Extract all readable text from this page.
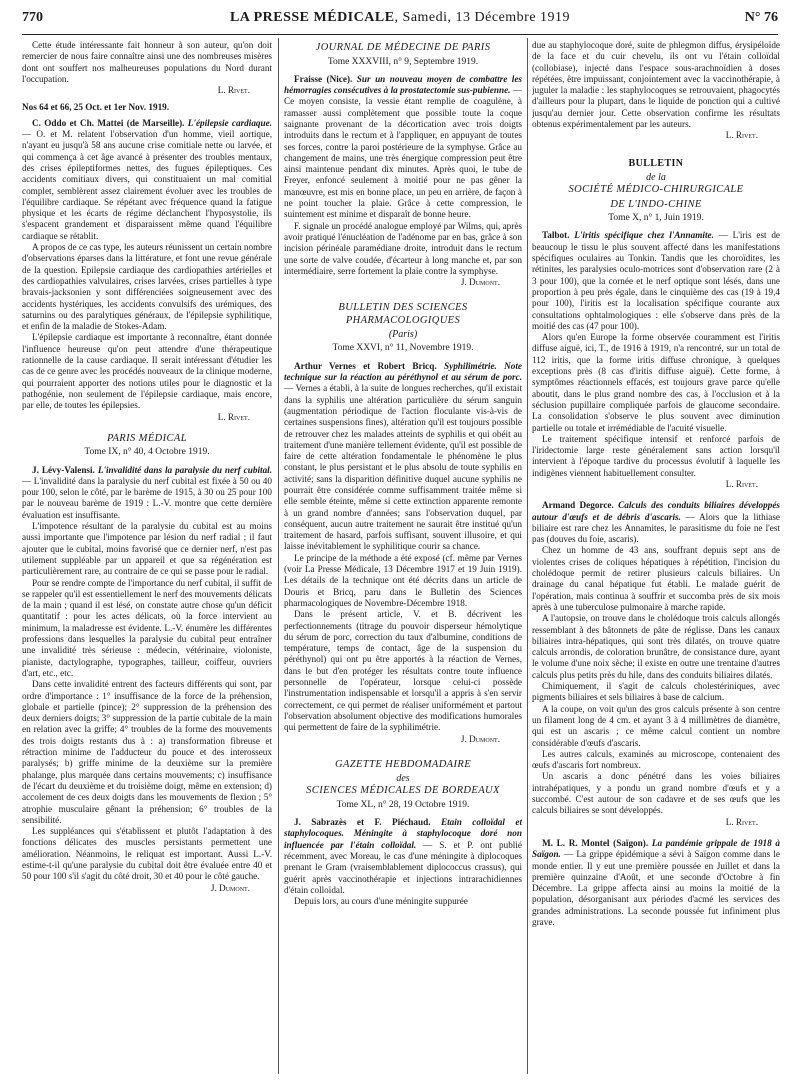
770	LA PRESSE MÉDICALE, Samedi, 13 Décembre 1919	N° 76

Cette étude intéressante fait honneur à son auteur, qu'on doit remercier de nous faire connaître ainsi une des nombreuses misères dont ont souffert nos malheureuses populations du Nord durant l'occupation.

L. Rivet.

Nos 64 et 66, 25 Oct. et 1er Nov. 1919.

C. Oddo et Ch. Mattei (de Marseille). L'épilepsie cardiaque. — O. et M. relatent l'observation d'un homme, vieil aortique, n'ayant eu jusqu'à 58 ans aucune crise comitiale nette ou larvée, et qui commença à cet âge avancé à présenter des troubles mentaux, des crises épileptiformes nettes, des fugues épileptiques. Ces accidents comitiaux divers, qui constituaient un mal comitial complet, semblèrent assez clairement évoluer avec les troubles de l'équilibre cardiaque. Se répétant avec fréquence quand la fatigue physique et les écarts de régime déclanchent l'hyposystolie, ils s'espacent grandement et disparaissent même quand l'équilibre cardiaque se rétablit.

A propos de ce cas type, les auteurs réunissent un certain nombre d'observations éparses dans la littérature, et font une revue générale de la question. Epilepsie cardiaque des cardiopathies artérielles et des cardiopathies valvulaires, crises larvées, crises partielles à type bravais-jacksonien y sont différenciées soigneusement avec des accidents hystériques, les accidents convulsifs des urémiques, des saturnins ou des paralytiques généraux, de l'épilepsie syphilitique, et enfin de la maladie de Stokes-Adam.

L'épilepsie cardiaque est importante à reconnaître, étant donnée l'influence heureuse qu'on peut attendre d'une thérapeutique rationnelle de la cause cardiaque. Il serait intéressant d'étudier les cas de ce genre avec les procédés nouveaux de la clinique moderne, qui pourraient apporter des notions utiles pour le diagnostic et la pathogénie, non seulement de l'épilepsie cardiaque, mais encore, par elle, de toutes les épilepsies.

L. Rivet.

PARIS MÉDICAL
Tome IX, n° 40, 4 Octobre 1919.

J. Lévy-Valensi. L'invalidité dans la paralysie du nerf cubital. — L'invalidité dans la paralysie du nerf cubital est fixée à 50 ou 40 pour 100, selon le côté, par le barème de 1915, à 30 ou 25 pour 100 par le nouveau barème de 1919 : L.-V. montre que cette dernière évaluation est insuffisante.

L'impotence résultant de la paralysie du cubital est au moins aussi importante que l'impotence par lésion du nerf radial ; il faut ajouter que le cubital, moins favorisé que ce dernier nerf, n'est pas utilement suppléable par un appareil et que sa régénération est particulièrement rare, au contraire de ce qui se passe pour le radial.

Pour se rendre compte de l'importance du nerf cubital, il suffit de se rappeler qu'il est essentiellement le nerf des mouvements délicats de la main ; quand il est lésé, on constate autre chose qu'un déficit quantitatif : pour les actes délicats, où la force intervient au minimum, la maladresse est évidente. L.-V. énumère les différentes professions dans lesquelles la paralysie du cubital peut entraîner une invalidité très sérieuse : médecin, vétérinaire, violoniste, pianiste, dactylographe, typographes, tailleur, coiffeur, ouvriers d'art, etc., etc.

Dans cette invalidité entrent des facteurs différents qui sont, par ordre d'importance : 1° insuffisance de la force de la préhension, globale et partielle (pince); 2° suppression de la préhension des deux derniers doigts; 3° suppression de la partie cubitale de la main en relation avec la griffe; 4° troubles de la forme des mouvements des trois doigts restants dus à : a) transformation fibreuse et rétraction minime de l'adducteur du pouce et des interosseux paralysés; b) griffe minime de la deuxième sur la première phalange, plus marquée dans certains mouvements; c) insuffisance de l'écart du deuxième et du troisième doigt, même en extension; d) accolement de ces deux doigts dans les mouvements de flexion ; 5° atrophie musculaire gênant la préhension; 6° troubles de la sensibilité.

Les suppléances qui s'établissent et plutôt l'adaptation à des fonctions délicates des muscles persistants permettent une amélioration. Néanmoins, le reliquat est important. Aussi L.-V. estime-t-il qu'une paralysie du cubital doit être évaluée entre 40 et 50 pour 100 s'il s'agit du côté droit, 30 et 40 pour le côté gauche.

J. Dumont.

JOURNAL DE MÉDECINE DE PARIS
Tome XXXVIII, n° 9, Septembre 1919.

Fraisse (Nice). Sur un nouveau moyen de combattre les hémorragies consécutives à la prostatectomie sus-pubienne. — Ce moyen consiste, la vessie étant remplie de coagulène, à ramasser aussi complètement que possible toute la coque saignante provenant de la décortication avec trois doigts introduits dans le rectum et à l'appliquer, en appuyant de toutes ses forces, contre la paroi postérieure de la symphyse. Grâce au changement de mains, une très énergique compression peut être ainsi maintenue pendant dix minutes. Après quoi, le tube de Freyer, enfoncé seulement à moitié pour ne pas gêner la manœuvre, est mis en bonne place, un peu en arrière, de façon à ne point toucher la plaie. Grâce à cette compression, le suintement est minime et disparaît de bonne heure.

F. signale un procédé analogue employé par Wilms, qui, après avoir pratiqué l'énucléation de l'adénome par en bas, grâce à son incision périnéale paramédiane droite, introduit dans le rectum une sorte de valve coudée, d'écarteur à long manche et, par son intermédiaire, serre fortement la plaie contre la symphyse.

J. Dumont.

BULLETIN DES SCIENCES PHARMACOLOGIQUES
(Paris)
Tome XXVI, n° 11, Novembre 1919.

Arthur Vernes et Robert Bricq. Syphilimétrie. Note technique sur la réaction au péréthynol et au sérum de porc. — Vernes a établi, à la suite de longues recherches, qu'il existait dans la syphilis une altération particulière du sérum sanguin (augmentation périodique de l'action floculante vis-à-vis de certaines suspensions fines), altération qu'il est toujours possible de retrouver chez les malades atteints de syphilis et qui obéit au traitement d'une manière tellement évidente, qu'il est possible de faire de cette altération fondamentale le phénomène le plus constant, le plus persistant et le plus absolu de toute syphilis en activité; sans la disparition définitive duquel aucune syphilis ne pourrait être considérée comme suffisamment traitée même si elle semble éteinte, même si cette extinction apparente remonte à un grand nombre d'années; sans l'observation duquel, par conséquent, aucun autre traitement ne saurait être institué qu'un traitement de hasard, parfois suffisant, souvent illusoire, et qui laisse inévitablement le syphilitique courir sa chance.

Le principe de la méthode a été exposé (cf. même par Vernes (voir La Presse Médicale, 13 Décembre 1917 et 19 Juin 1919). Les détails de la technique ont été décrits dans un article de Douris et Bricq, paru dans le Bulletin des Sciences pharmacologiques de Novembre-Décembre 1918.

Dans le présent article, V. et B. décrivent les perfectionnements (titrage du pouvoir disperseur hémolytique du sérum de porc, correction du taux d'albumine, conditions de température, temps de contact, âge de la suspension du péréthynol) qui ont pu être apportés à la réaction de Vernes, dans le but d'en protéger les résultats contre toute influence personnelle de l'opérateur, lorsque celui-ci possède l'instrumentation indispensable et lorsqu'il a appris à s'en servir correctement, ce qui permet de réaliser uniformément et partout l'observation absolument objective des modifications humorales qui permettent de faire de la syphilimétrie.

J. Dumont.

GAZETTE HEBDOMADAIRE
des
SCIENCES MÉDICALES DE BORDEAUX
Tome XL, n° 28, 19 Octobre 1919.

J. Sabrazès et F. Piéchaud. Etain colloïdal et staphylocoques. Méningite à staphylocoque doré non influencée par l'étain colloïdal. — S. et P. ont publié récemment, avec Moreau, le cas d'une méningite à diplocoques prenant le Gram (vraisemblablement diplococcus crassus), qui guérit après vaccinothérapie et injections intrarachidiennes d'étain colloïdal.

Depuis lors, au cours d'une méningite suppurée

due au staphylocoque doré, suite de phlegmon diffus, érysipéloïde de la face et du cuir chevelu, ils ont vu l'étain colloïdal (collobiase), injecté dans l'espace sous-arachnoïdien à doses répétées, être impuissant, conjointement avec la vaccinothérapie, à juguler la maladie : les staphylocoques se retrouvaient, phagocytés d'ailleurs pour la plupart, dans le liquide de ponction qui a cultivé jusqu'au dernier jour. Cette observation confirme les résultats obtenus expérimentalement par les auteurs.

L. Rivet.

BULLETIN
de la
SOCIÉTÉ MÉDICO-CHIRURGICALE
DE L'INDO-CHINE
Tome X, n° 1, Juin 1919.

Talbot. L'iritis spécifique chez l'Annamite. — L'iris est de beaucoup le tissu le plus souvent affecté dans les manifestations spécifiques oculaires au Tonkin. Tandis que les choroïdites, les rétinites, les paralysies oculo-motrices sont d'observation rare (2 à 3 pour 100), que la cornée et le nerf optique sont lésés, dans une proportion à peu près égale, dans le cinquième des cas (19 à 19,4 pour 100), l'iritis est la localisation spécifique courante aux consultations ophtalmologiques : elle s'observe dans près de la moitié des cas (47 pour 100).

Alors qu'en Europe la forme observée couramment est l'iritis diffuse aiguë, ici, T., de 1916 à 1919, n'a rencontré, sur un total de 112 iritis, que la forme iritis diffuse chronique, à quelques exceptions près (8 cas d'iritis diffuse aiguë). Cette forme, à symptômes réactionnels effacés, est toujours grave parce qu'elle aboutit, dans le plus grand nombre des cas, à l'occlusion et à la séclusion pupillaire compliquée parfois de glaucome secondaire. La consolidation s'observe le plus souvent avec diminution partielle ou totale et irrémédiable de l'acuité visuelle.

Le traitement spécifique intensif et renforcé parfois de l'iridectomie large reste généralement sans action lorsqu'il intervient à l'époque tardive du processus évolutif à laquelle les indigènes viennent habituellement consulter.

L. Rivet.

Armand Degorce. Calculs des conduits biliaires développés autour d'œufs et de débris d'ascaris. — Alors que la lithiase biliaire est rare chez les Annamites, le parasitisme du foie ne l'est pas (douves du foie, ascaris).

Chez un homme de 43 ans, souffrant depuis sept ans de violentes crises de coliques hépatiques à répétition, l'incision du cholédoque permit de retirer plusieurs calculs biliaires. Un drainage du canal hépatique fut établi. Le malade guérit de l'opération, mais continua à souffrir et succomba près de six mois après à une tuberculose pulmonaire à marche rapide.

A l'autopsie, on trouve dans le cholédoque trois calculs allongés ressemblant à des bâtonnets de pâte de réglisse. Dans les canaux biliaires intra-hépatiques, qui sont très dilatés, on trouve quatre calculs arrondis, de coloration brunâtre, de consistance dure, ayant le volume d'une noix sèche; il existe en outre une trentaine d'autres calculs plus petits près du hile, dans des conduits biliaires dilatés.

Chimiquement, il s'agit de calculs cholestériniques, avec pigments biliaires et sels biliaires à base de calcium.

A la coupe, on voit qu'un des gros calculs présente à son centre un filament long de 4 cm. et ayant 3 à 4 millimètres de diamètre, qui est un ascaris ; ce même calcul contient un nombre considérable d'œufs d'ascaris.

Les autres calculs, examinés au microscope, contenaient des œufs d'ascaris fort nombreux.

Un ascaris a donc pénétré dans les voies biliaires intrahépatiques, y a pondu un grand nombre d'œufs et y a succombé. C'est autour de son cadavre et de ses œufs que les calculs biliaires se sont développés.

L. Rivet.

M. L. R. Montel (Saïgon). La pandémie grippale de 1918 à Saïgon. — La grippe épidémique a sévi à Saïgon comme dans le monde entier. Il y eut une première poussée en Juillet et dans la première quinzaine d'Août, et une seconde d'Octobre à fin Décembre. La grippe affecta ainsi au moins la moitié de la population, désorganisant aux périodes d'acmé les services des grandes administrations. La seconde poussée fut infiniment plus grave.
